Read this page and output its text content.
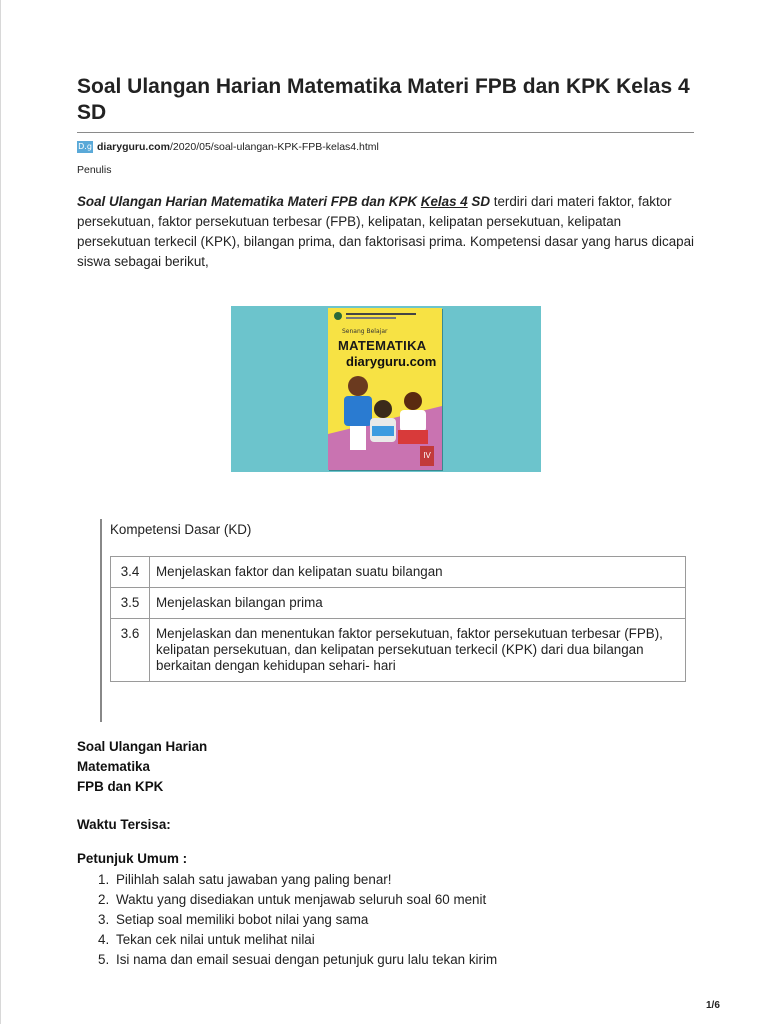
Soal Ulangan Harian Matematika Materi FPB dan KPK Kelas 4 SD
D.g diaryguru.com/2020/05/soal-ulangan-KPK-FPB-kelas4.html
Penulis

Soal Ulangan Harian Matematika Materi FPB dan KPK Kelas 4 SD terdiri dari materi faktor, faktor persekutuan, faktor persekutuan terbesar (FPB), kelipatan, kelipatan persekutuan, kelipatan persekutuan terkecil (KPK), bilangan prima, dan faktorisasi prima. Kompetensi dasar yang harus dicapai siswa sebagai berikut,

Senang Belajar
MATEMATIKA
diaryguru.com
IV
Kompetensi Dasar (KD)
3.4	Menjelaskan faktor dan kelipatan suatu bilangan
3.5	Menjelaskan bilangan prima
3.6	Menjelaskan dan menentukan faktor persekutuan, faktor persekutuan terbesar (FPB), kelipatan persekutuan, dan kelipatan persekutuan terkecil (KPK) dari dua bilangan berkaitan dengan kehidupan sehari- hari
Soal Ulangan Harian
Matematika
FPB dan KPK
Waktu Tersisa:
Petunjuk Umum :
1. Pilihlah salah satu jawaban yang paling benar!
2. Waktu yang disediakan untuk menjawab seluruh soal 60 menit
3. Setiap soal memiliki bobot nilai yang sama
4. Tekan cek nilai untuk melihat nilai
5. Isi nama dan email sesuai dengan petunjuk guru lalu tekan kirim
1/6
